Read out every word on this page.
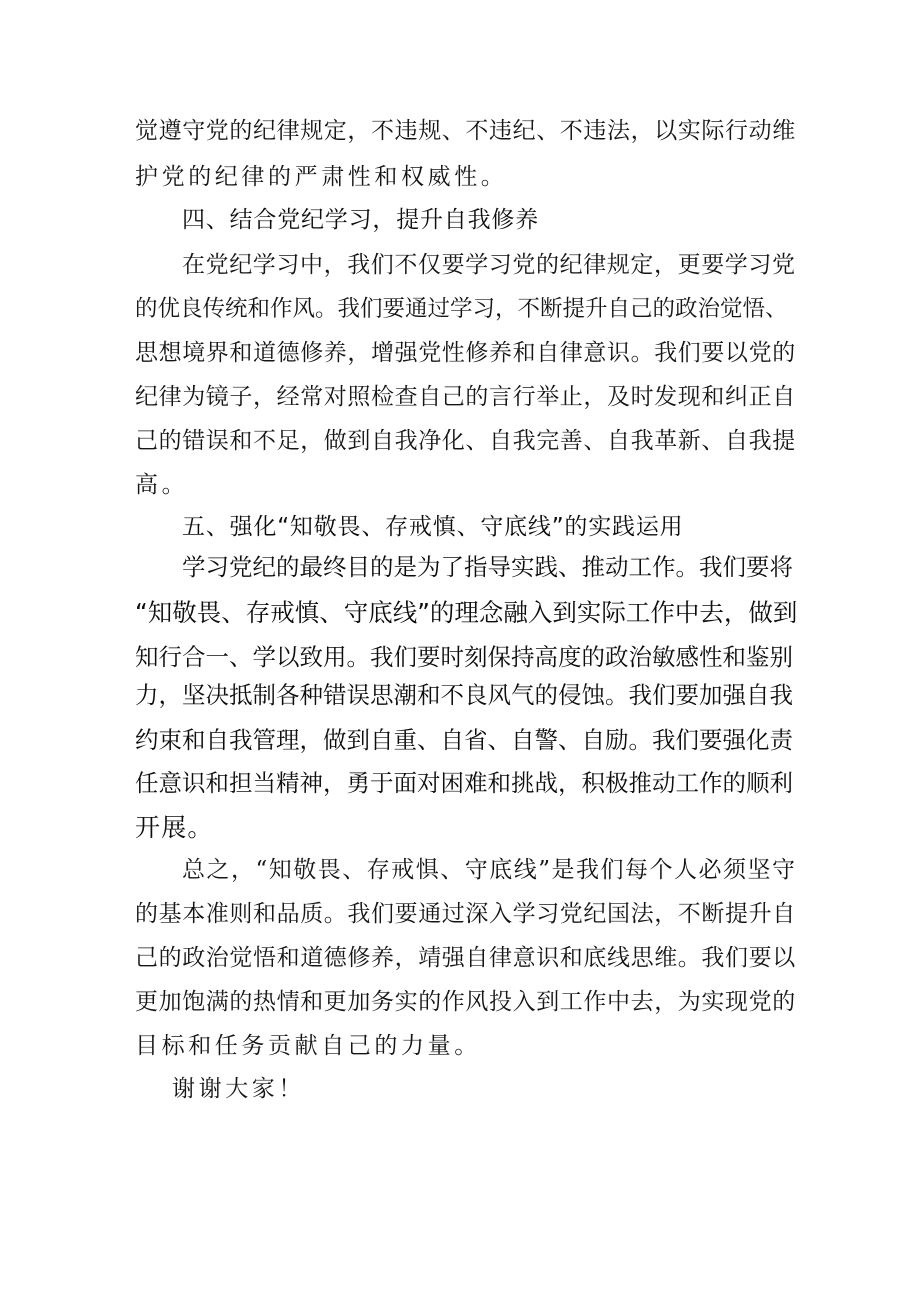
觉遵守党的纪律规定，不违规、不违纪、不违法，以实际行动维

护党的纪律的严肃性和权威性。

四、结合党纪学习，提升自我修养

在党纪学习中，我们不仅要学习党的纪律规定，更要学习党

的优良传统和作风。我们要通过学习，不断提升自己的政治觉悟、

思想境界和道德修养，增强党性修养和自律意识。我们要以党的

纪律为镜子，经常对照检查自己的言行举止，及时发现和纠正自

己的错误和不足，做到自我净化、自我完善、自我革新、自我提

高。

五、强化“知敬畏、存戒慎、守底线”的实践运用

学习党纪的最终目的是为了指导实践、推动工作。我们要将

“知敬畏、存戒慎、守底线”的理念融入到实际工作中去，做到

知行合一、学以致用。我们要时刻保持高度的政治敏感性和鉴别

力，坚决抵制各种错误思潮和不良风气的侵蚀。我们要加强自我

约束和自我管理，做到自重、自省、自警、自励。我们要强化责

任意识和担当精神，勇于面对困难和挑战，积极推动工作的顺利

开展。

总之，“知敬畏、存戒惧、守底线”是我们每个人必须坚守

的基本准则和品质。我们要通过深入学习党纪国法，不断提升自

己的政治觉悟和道德修养，靖强自律意识和底线思维。我们要以

更加饱满的热情和更加务实的作风投入到工作中去，为实现党的

目标和任务贡献自己的力量。

谢谢大家！
